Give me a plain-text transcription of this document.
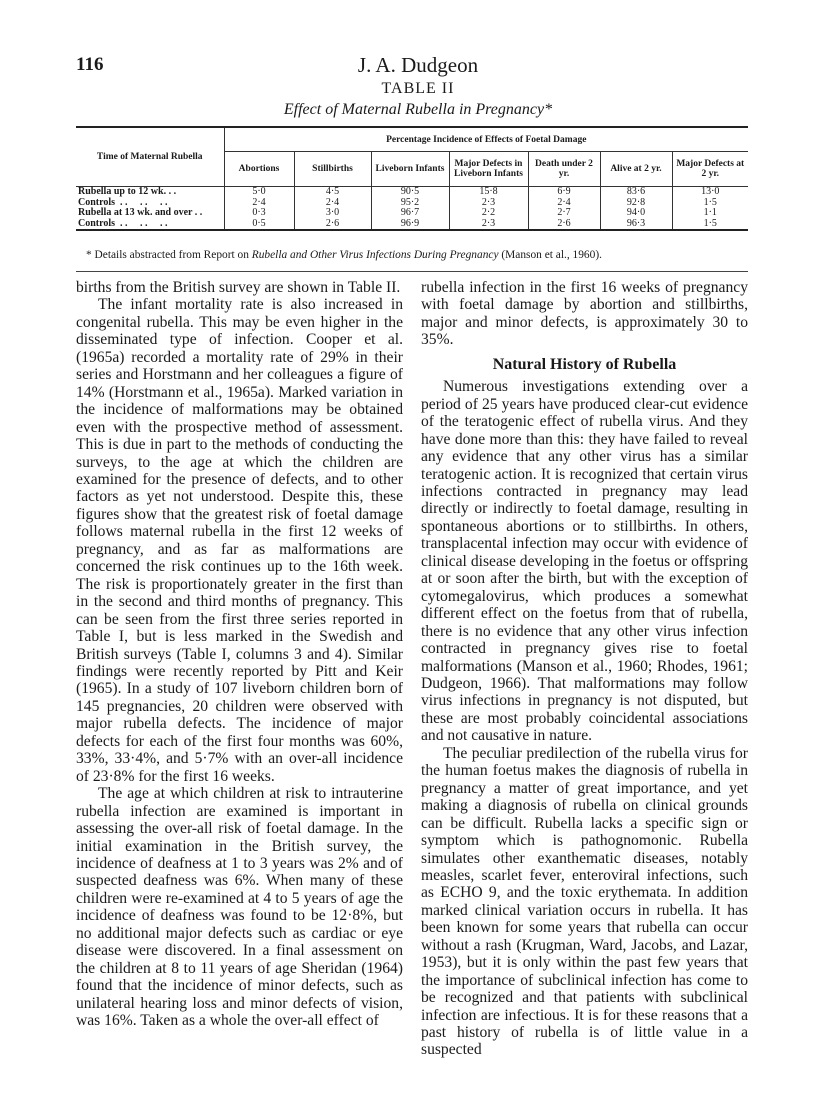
116	J. A. Dudgeon
TABLE II
Effect of Maternal Rubella in Pregnancy*
Time of Maternal Rubella	Percentage Incidence of Effects of Foetal Damage						
	Abortions	Stillbirths	Liveborn Infants	Major Defects in Liveborn Infants	Death under 2 yr.	Alive at 2 yr.	Major Defects at 2 yr.
Rubella up to 12 wk. . .	5·0	4·5	90·5	15·8	6·9	83·6	13·0
Controls  . .     . .     . .	2·4	2·4	95·2	2·3	2·4	92·8	1·5
Rubella at 13 wk. and over . .	0·3	3·0	96·7	2·2	2·7	94·0	1·1
Controls  . .     . .     . .	0·5	2·6	96·9	2·3	2·6	96·3	1·5
* Details abstracted from Report on Rubella and Other Virus Infections During Pregnancy (Manson et al., 1960).

births from the British survey are shown in Table II.

The infant mortality rate is also increased in congenital rubella. This may be even higher in the disseminated type of infection. Cooper et al. (1965a) recorded a mortality rate of 29% in their series and Horstmann and her colleagues a figure of 14% (Horstmann et al., 1965a). Marked variation in the incidence of malformations may be obtained even with the prospective method of assessment. This is due in part to the methods of conducting the surveys, to the age at which the children are examined for the presence of defects, and to other factors as yet not understood. Despite this, these figures show that the greatest risk of foetal damage follows maternal rubella in the first 12 weeks of pregnancy, and as far as malformations are concerned the risk continues up to the 16th week. The risk is proportionately greater in the first than in the second and third months of pregnancy. This can be seen from the first three series reported in Table I, but is less marked in the Swedish and British surveys (Table I, columns 3 and 4). Similar findings were recently reported by Pitt and Keir (1965). In a study of 107 liveborn children born of 145 pregnancies, 20 children were observed with major rubella defects. The incidence of major defects for each of the first four months was 60%, 33%, 33·4%, and 5·7% with an over-all incidence of 23·8% for the first 16 weeks.

The age at which children at risk to intrauterine rubella infection are examined is important in assessing the over-all risk of foetal damage. In the initial examination in the British survey, the incidence of deafness at 1 to 3 years was 2% and of suspected deafness was 6%. When many of these children were re-examined at 4 to 5 years of age the incidence of deafness was found to be 12·8%, but no additional major defects such as cardiac or eye disease were discovered. In a final assessment on the children at 8 to 11 years of age Sheridan (1964) found that the incidence of minor defects, such as unilateral hearing loss and minor defects of vision, was 16%. Taken as a whole the over-all effect of

rubella infection in the first 16 weeks of pregnancy with foetal damage by abortion and stillbirths, major and minor defects, is approximately 30 to 35%.

Natural History of Rubella

Numerous investigations extending over a period of 25 years have produced clear-cut evidence of the teratogenic effect of rubella virus. And they have done more than this: they have failed to reveal any evidence that any other virus has a similar teratogenic action. It is recognized that certain virus infections contracted in pregnancy may lead directly or indirectly to foetal damage, resulting in spontaneous abortions or to stillbirths. In others, transplacental infection may occur with evidence of clinical disease developing in the foetus or offspring at or soon after the birth, but with the exception of cytomegalovirus, which produces a somewhat different effect on the foetus from that of rubella, there is no evidence that any other virus infection contracted in pregnancy gives rise to foetal malformations (Manson et al., 1960; Rhodes, 1961; Dudgeon, 1966). That malformations may follow virus infections in pregnancy is not disputed, but these are most probably coincidental associations and not causative in nature.

The peculiar predilection of the rubella virus for the human foetus makes the diagnosis of rubella in pregnancy a matter of great importance, and yet making a diagnosis of rubella on clinical grounds can be difficult. Rubella lacks a specific sign or symptom which is pathognomonic. Rubella simulates other exanthematic diseases, notably measles, scarlet fever, enteroviral infections, such as ECHO 9, and the toxic erythemata. In addition marked clinical variation occurs in rubella. It has been known for some years that rubella can occur without a rash (Krugman, Ward, Jacobs, and Lazar, 1953), but it is only within the past few years that the importance of subclinical infection has come to be recognized and that patients with subclinical infection are infectious. It is for these reasons that a past history of rubella is of little value in a suspected
